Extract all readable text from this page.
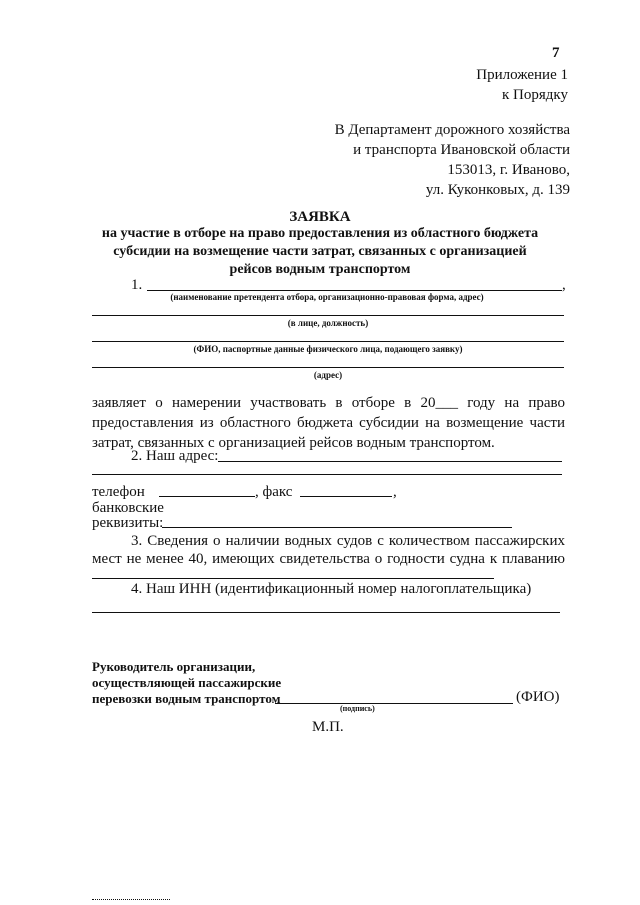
7
Приложение 1
к Порядку
В Департамент дорожного хозяйства
и транспорта Ивановской области
153013, г. Иваново,
ул. Куконковых, д. 139
ЗАЯВКА
на участие в отборе на право предоставления из областного бюджета
субсидии на возмещение части затрат, связанных с организацией
рейсов водным транспортом
1.	,
(наименование претендента отбора, организационно-правовая форма, адрес)
(в лице, должность)
(ФИО, паспортные данные физического лица, подающего заявку)
(адрес)
заявляет о намерении участвовать в отборе в 20___ году на право
предоставления из областного бюджета субсидии на возмещение части
затрат, связанных с организацией рейсов водным транспортом.
2. Наш адрес:
телефон	, факс	,
банковские
реквизиты:
3. Сведения о наличии водных судов с количеством пассажирских
мест не менее 40, имеющих свидетельства о годности судна к плаванию
4. Наш ИНН (идентификационный номер налогоплательщика)
Руководитель организации,
осуществляющей пассажирские
перевозки водным транспортом	(ФИО)
(подпись)
М.П.
